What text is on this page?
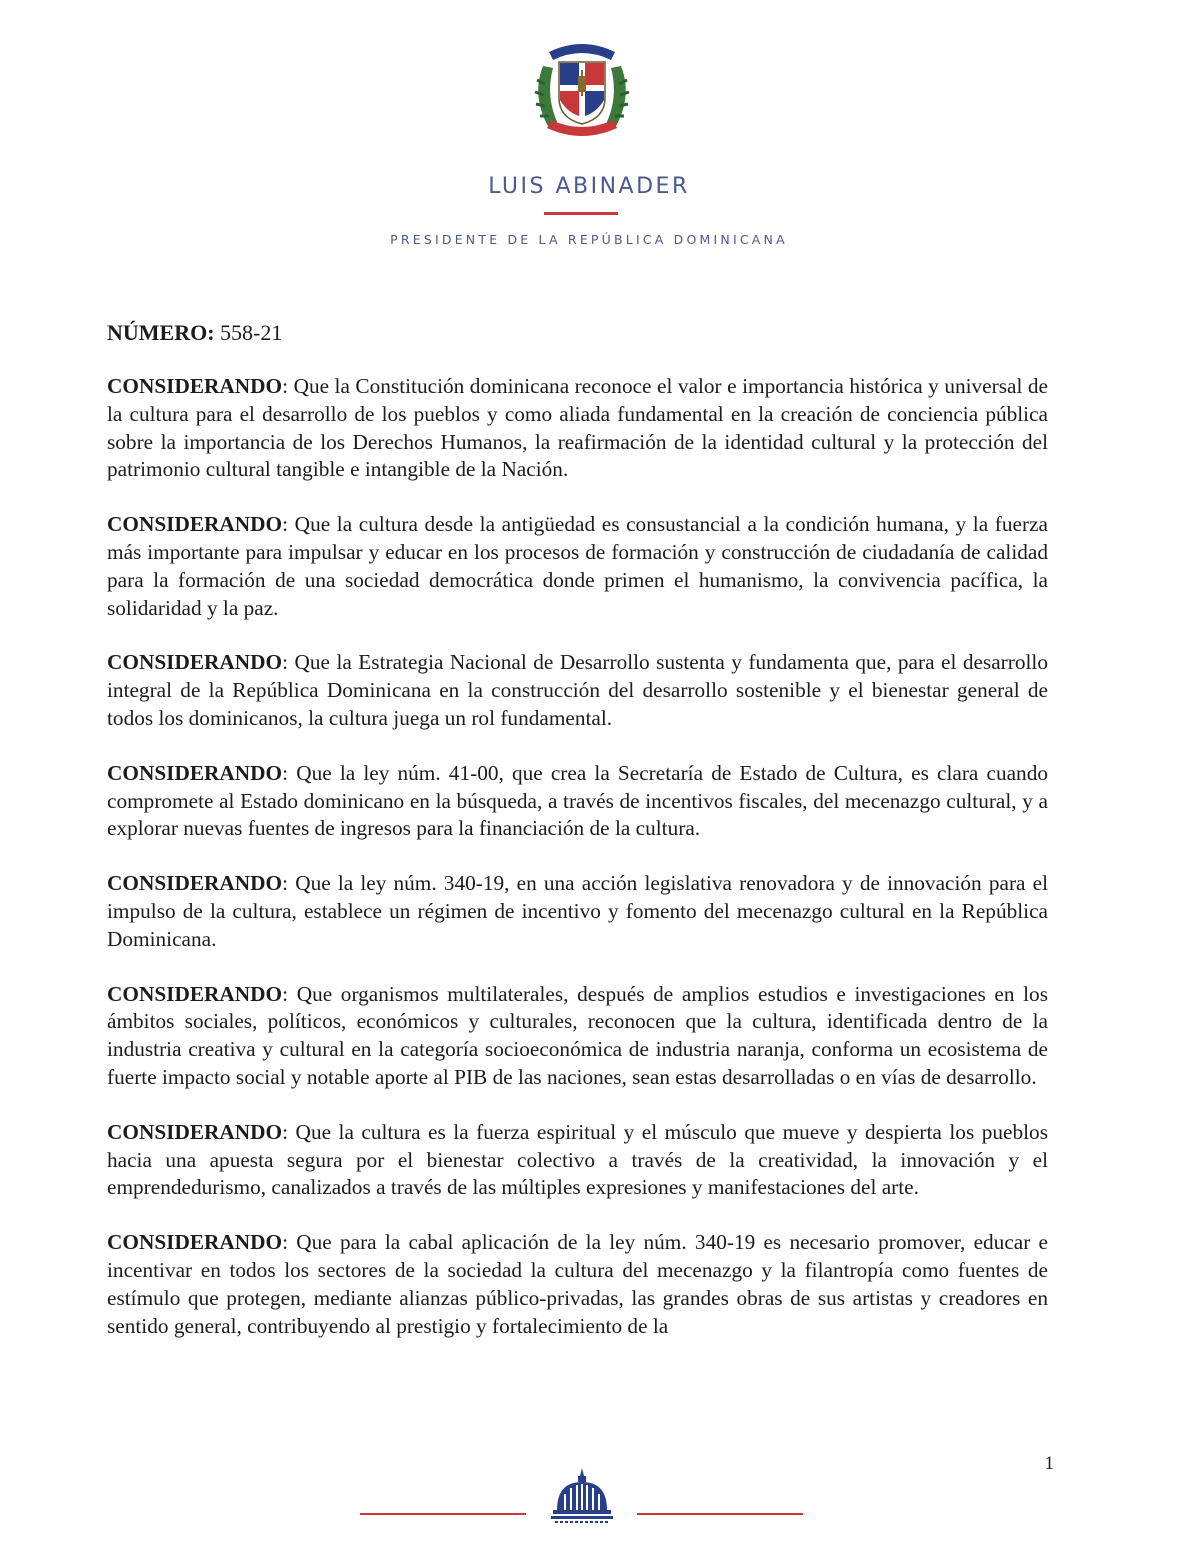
LUIS ABINADER
PRESIDENTE DE LA REPÚBLICA DOMINICANA
NÚMERO: 558-21

CONSIDERANDO: Que la Constitución dominicana reconoce el valor e importancia histórica y universal de la cultura para el desarrollo de los pueblos y como aliada fundamental en la creación de conciencia pública sobre la importancia de los Derechos Humanos, la reafirmación de la identidad cultural y la protección del patrimonio cultural tangible e intangible de la Nación.

CONSIDERANDO: Que la cultura desde la antigüedad es consustancial a la condición humana, y la fuerza más importante para impulsar y educar en los procesos de formación y construcción de ciudadanía de calidad para la formación de una sociedad democrática donde primen el humanismo, la convivencia pacífica, la solidaridad y la paz.

CONSIDERANDO: Que la Estrategia Nacional de Desarrollo sustenta y fundamenta que, para el desarrollo integral de la República Dominicana en la construcción del desarrollo sostenible y el bienestar general de todos los dominicanos, la cultura juega un rol fundamental.

CONSIDERANDO: Que la ley núm. 41-00, que crea la Secretaría de Estado de Cultura, es clara cuando compromete al Estado dominicano en la búsqueda, a través de incentivos fiscales, del mecenazgo cultural, y a explorar nuevas fuentes de ingresos para la financiación de la cultura.

CONSIDERANDO: Que la ley núm. 340-19, en una acción legislativa renovadora y de innovación para el impulso de la cultura, establece un régimen de incentivo y fomento del mecenazgo cultural en la República Dominicana.

CONSIDERANDO: Que organismos multilaterales, después de amplios estudios e investigaciones en los ámbitos sociales, políticos, económicos y culturales, reconocen que la cultura, identificada dentro de la industria creativa y cultural en la categoría socioeconómica de industria naranja, conforma un ecosistema de fuerte impacto social y notable aporte al PIB de las naciones, sean estas desarrolladas o en vías de desarrollo.

CONSIDERANDO: Que la cultura es la fuerza espiritual y el músculo que mueve y despierta los pueblos hacia una apuesta segura por el bienestar colectivo a través de la creatividad, la innovación y el emprendedurismo, canalizados a través de las múltiples expresiones y manifestaciones del arte.

CONSIDERANDO: Que para la cabal aplicación de la ley núm. 340-19 es necesario promover, educar e incentivar en todos los sectores de la sociedad la cultura del mecenazgo y la filantropía como fuentes de estímulo que protegen, mediante alianzas público-privadas, las grandes obras de sus artistas y creadores en sentido general, contribuyendo al prestigio y fortalecimiento de la

1
